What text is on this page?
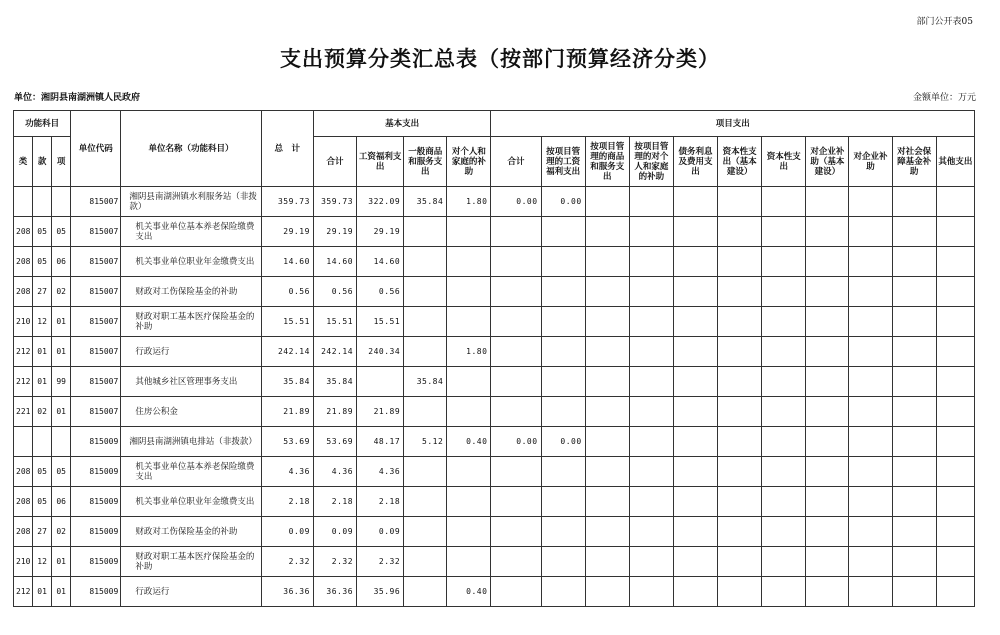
部门公开表05
支出预算分类汇总表（按部门预算经济分类）
单位：湘阴县南湖洲镇人民政府	金额单位：万元
功能科目			单位代码	单位名称（功能科目）	总　计	基本支出				项目支出										
类	款	项				合计	工资福利支出	一般商品和服务支出	对个人和家庭的补助	合计	按项目管理的工资福利支出	按项目管理的商品和服务支出	按项目管理的对个人和家庭的补助	债务利息及费用支出	资本性支出（基本建设）	资本性支出	对企业补助（基本建设）	对企业补助	对社会保障基金补助	其他支出
			815007	湘阴县南湖洲镇水利服务站（非拨款）	359.73	359.73	322.09	35.84	1.80	0.00	0.00									
208	05	05	815007	机关事业单位基本养老保险缴费支出	29.19	29.19	29.19													
208	05	06	815007	机关事业单位职业年金缴费支出	14.60	14.60	14.60													
208	27	02	815007	财政对工伤保险基金的补助	0.56	0.56	0.56													
210	12	01	815007	财政对职工基本医疗保险基金的补助	15.51	15.51	15.51													
212	01	01	815007	行政运行	242.14	242.14	240.34		1.80											
212	01	99	815007	其他城乡社区管理事务支出	35.84	35.84		35.84												
221	02	01	815007	住房公积金	21.89	21.89	21.89													
			815009	湘阴县南湖洲镇电排站（非拨款）	53.69	53.69	48.17	5.12	0.40	0.00	0.00									
208	05	05	815009	机关事业单位基本养老保险缴费支出	4.36	4.36	4.36													
208	05	06	815009	机关事业单位职业年金缴费支出	2.18	2.18	2.18													
208	27	02	815009	财政对工伤保险基金的补助	0.09	0.09	0.09													
210	12	01	815009	财政对职工基本医疗保险基金的补助	2.32	2.32	2.32													
212	01	01	815009	行政运行	36.36	36.36	35.96		0.40											
